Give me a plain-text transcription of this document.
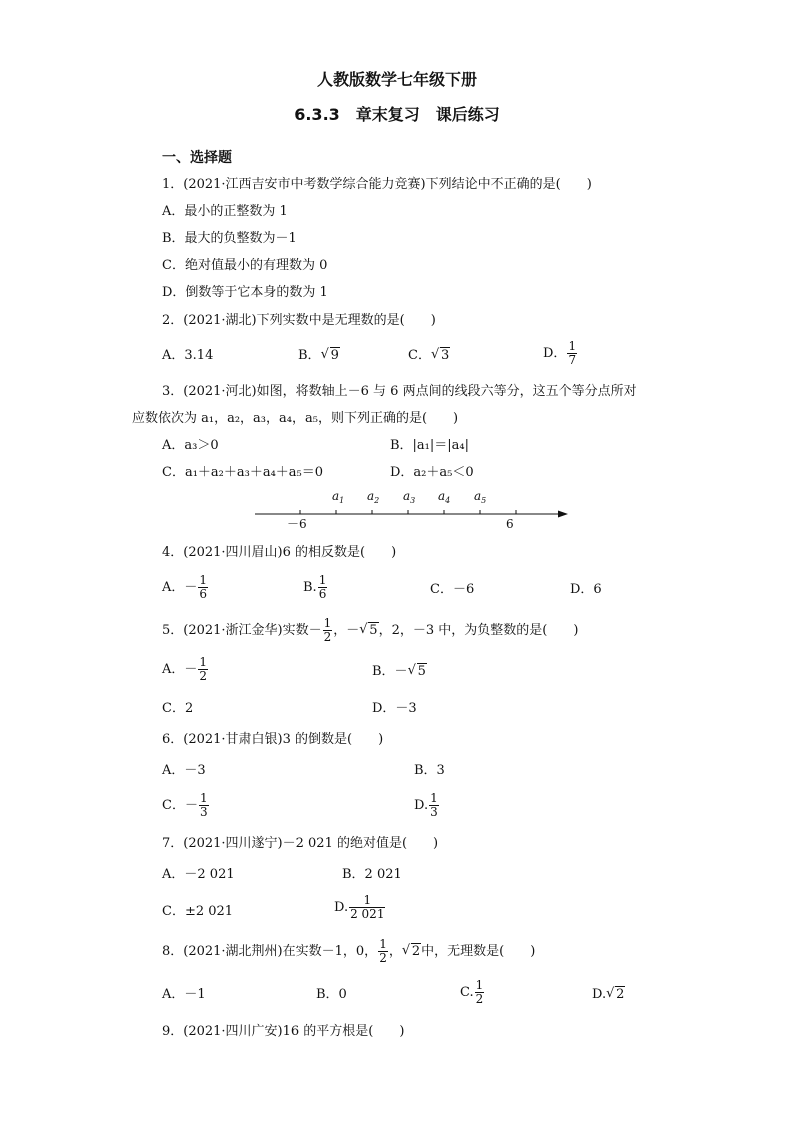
人教版数学七年级下册
6.3.3　章末复习　课后练习
一、选择题
1．(2021·江西吉安市中考数学综合能力竞赛)下列结论中不正确的是(　　)
A．最小的正整数为 1
B．最大的负整数为－1
C．绝对值最小的有理数为 0
D．倒数等于它本身的数为 1
2．(2021·湖北)下列实数中是无理数的是(　　)
A．3.14	B． √ 9	C． √ 3	D． $\frac{1}{7}$
3．(2021·河北)如图，将数轴上－6 与 6 两点间的线段六等分，这五个等分点所对
应数依次为 a₁，a₂，a₃，a₄，a₅，则下列正确的是(　　)
A．a₃＞0	B．|a₁|＝|a₄|
C．a₁＋a₂＋a₃＋a₄＋a₅＝0	D．a₂＋a₅＜0
$a_1$ $a_2$ $a_3$ $a_4$ $a_5$
－6	6
4．(2021·四川眉山)6 的相反数是(　　)
A．－ $\frac{1}{6}$	B. $\frac{1}{6}$	C．－6	D．6
5．(2021·浙江金华)实数－ $\frac{1}{2}$ ，－ √ 5，2，－3 中，为负整数的是(　　)
A．－ $\frac{1}{2}$	B．－ √ 5
C．2	D．－3
6．(2021·甘肃白银)3 的倒数是(　　)
A．－3	B．3
C．－ $\frac{1}{3}$	D. $\frac{1}{3}$
7．(2021·四川遂宁)－2 021 的绝对值是(　　)
A．－2 021	B．2 021
C．±2 021	D. $\frac{1}{2 021}$
8．(2021·湖北荆州)在实数－1，0， $\frac{1}{2}$ ， √ 2中，无理数是(　　)
A．－1	B．0	C. $\frac{1}{2}$	D. √ 2
9．(2021·四川广安)16 的平方根是(　　)
